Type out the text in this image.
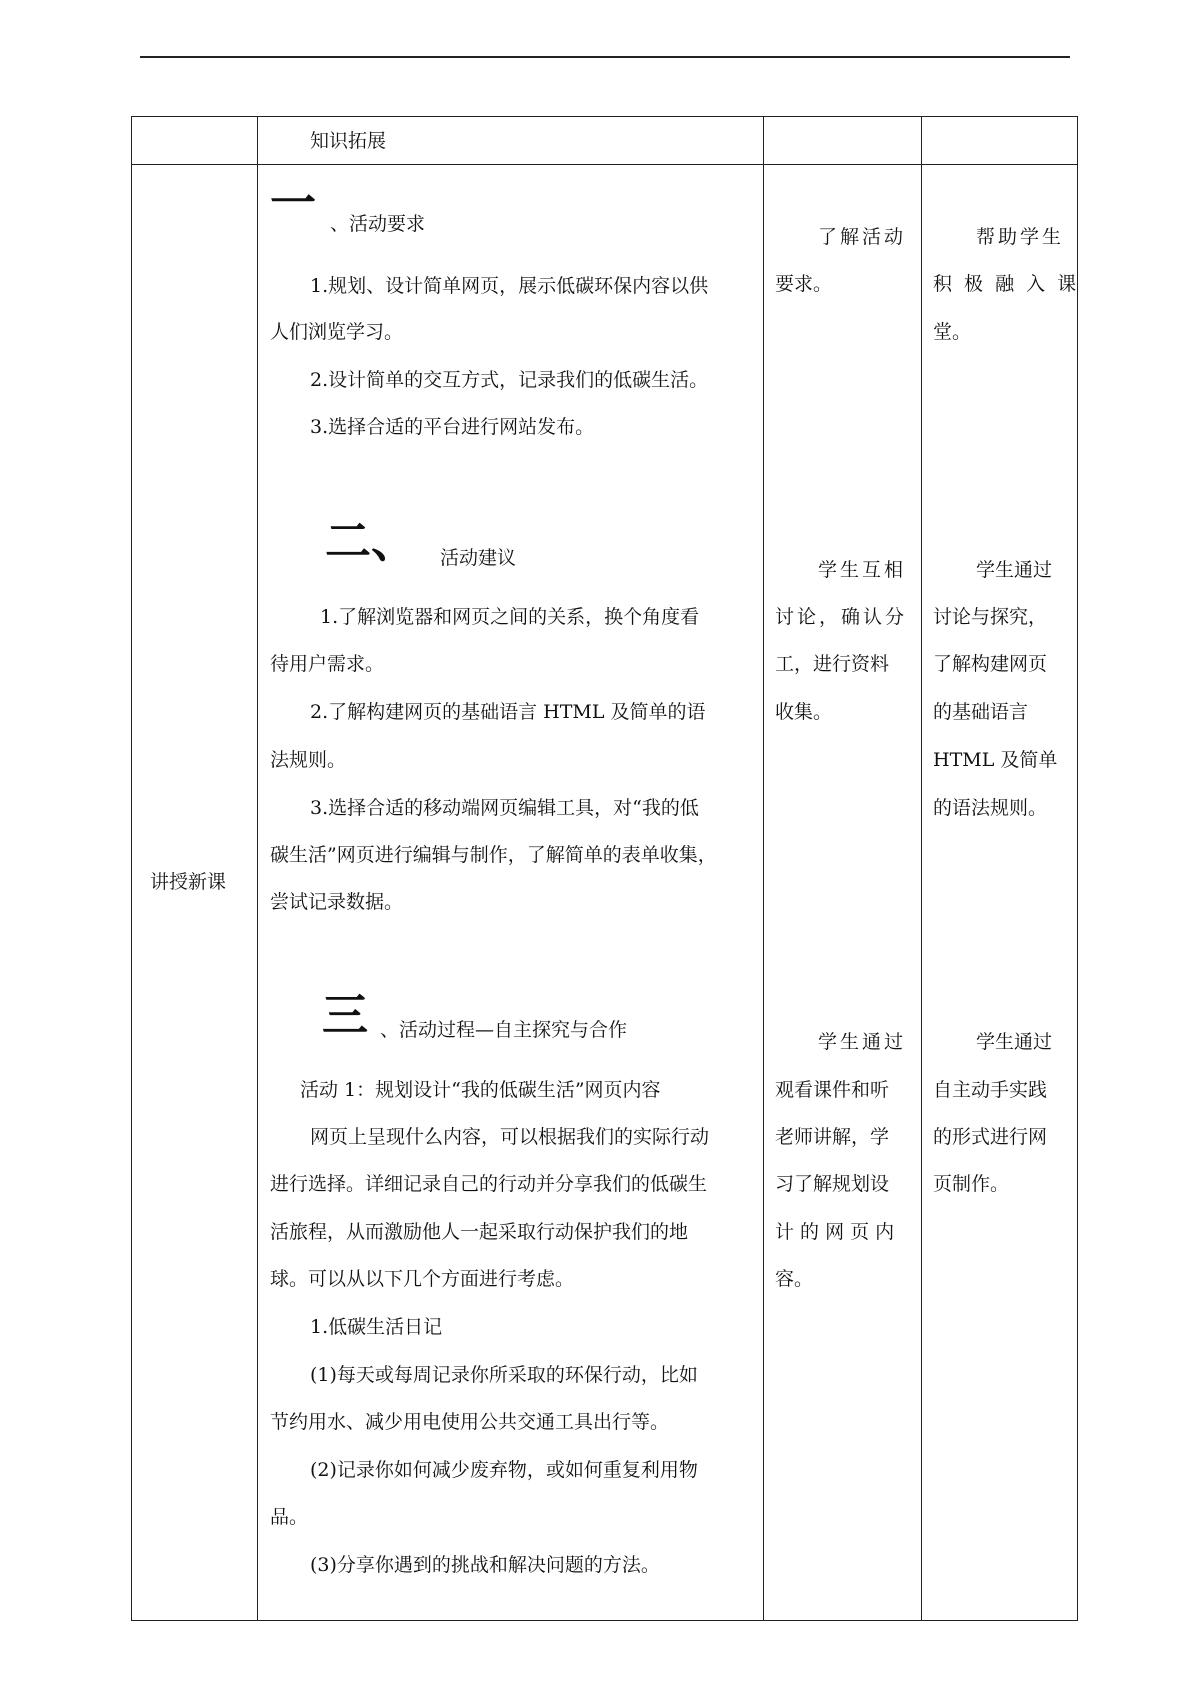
知识拓展
讲授新课
一 、活动要求
1.规划、设计简单网页，展示低碳环保内容以供
人们浏览学习。
2.设计简单的交互方式，记录我们的低碳生活。
3.选择合适的平台进行网站发布。
了解活动
要求。
帮助学生
积 极 融 入 课
堂。
二、 活动建议
1.了解浏览器和网页之间的关系，换个角度看
待用户需求。
2.了解构建网页的基础语言 HTML 及简单的语
法规则。
3.选择合适的移动端网页编辑工具，对“我的低
碳生活”网页进行编辑与制作，了解简单的表单收集，
尝试记录数据。
学生互相
讨论，确认分
工，进行资料
收集。
学生通过
讨论与探究，
了解构建网页
的基础语言
HTML 及简单
的语法规则。
三 、活动过程—自主探究与合作
活动 1：规划设计“我的低碳生活”网页内容
网页上呈现什么内容，可以根据我们的实际行动
进行选择。详细记录自己的行动并分享我们的低碳生
活旅程，从而激励他人一起采取行动保护我们的地
球。可以从以下几个方面进行考虑。
1.低碳生活日记
(1)每天或每周记录你所采取的环保行动，比如
节约用水、减少用电使用公共交通工具出行等。
(2)记录你如何减少废弃物，或如何重复利用物
品。
(3)分享你遇到的挑战和解决问题的方法。
学生通过
观看课件和听
老师讲解，学
习了解规划设
计 的 网 页 内
容。
学生通过
自主动手实践
的形式进行网
页制作。
